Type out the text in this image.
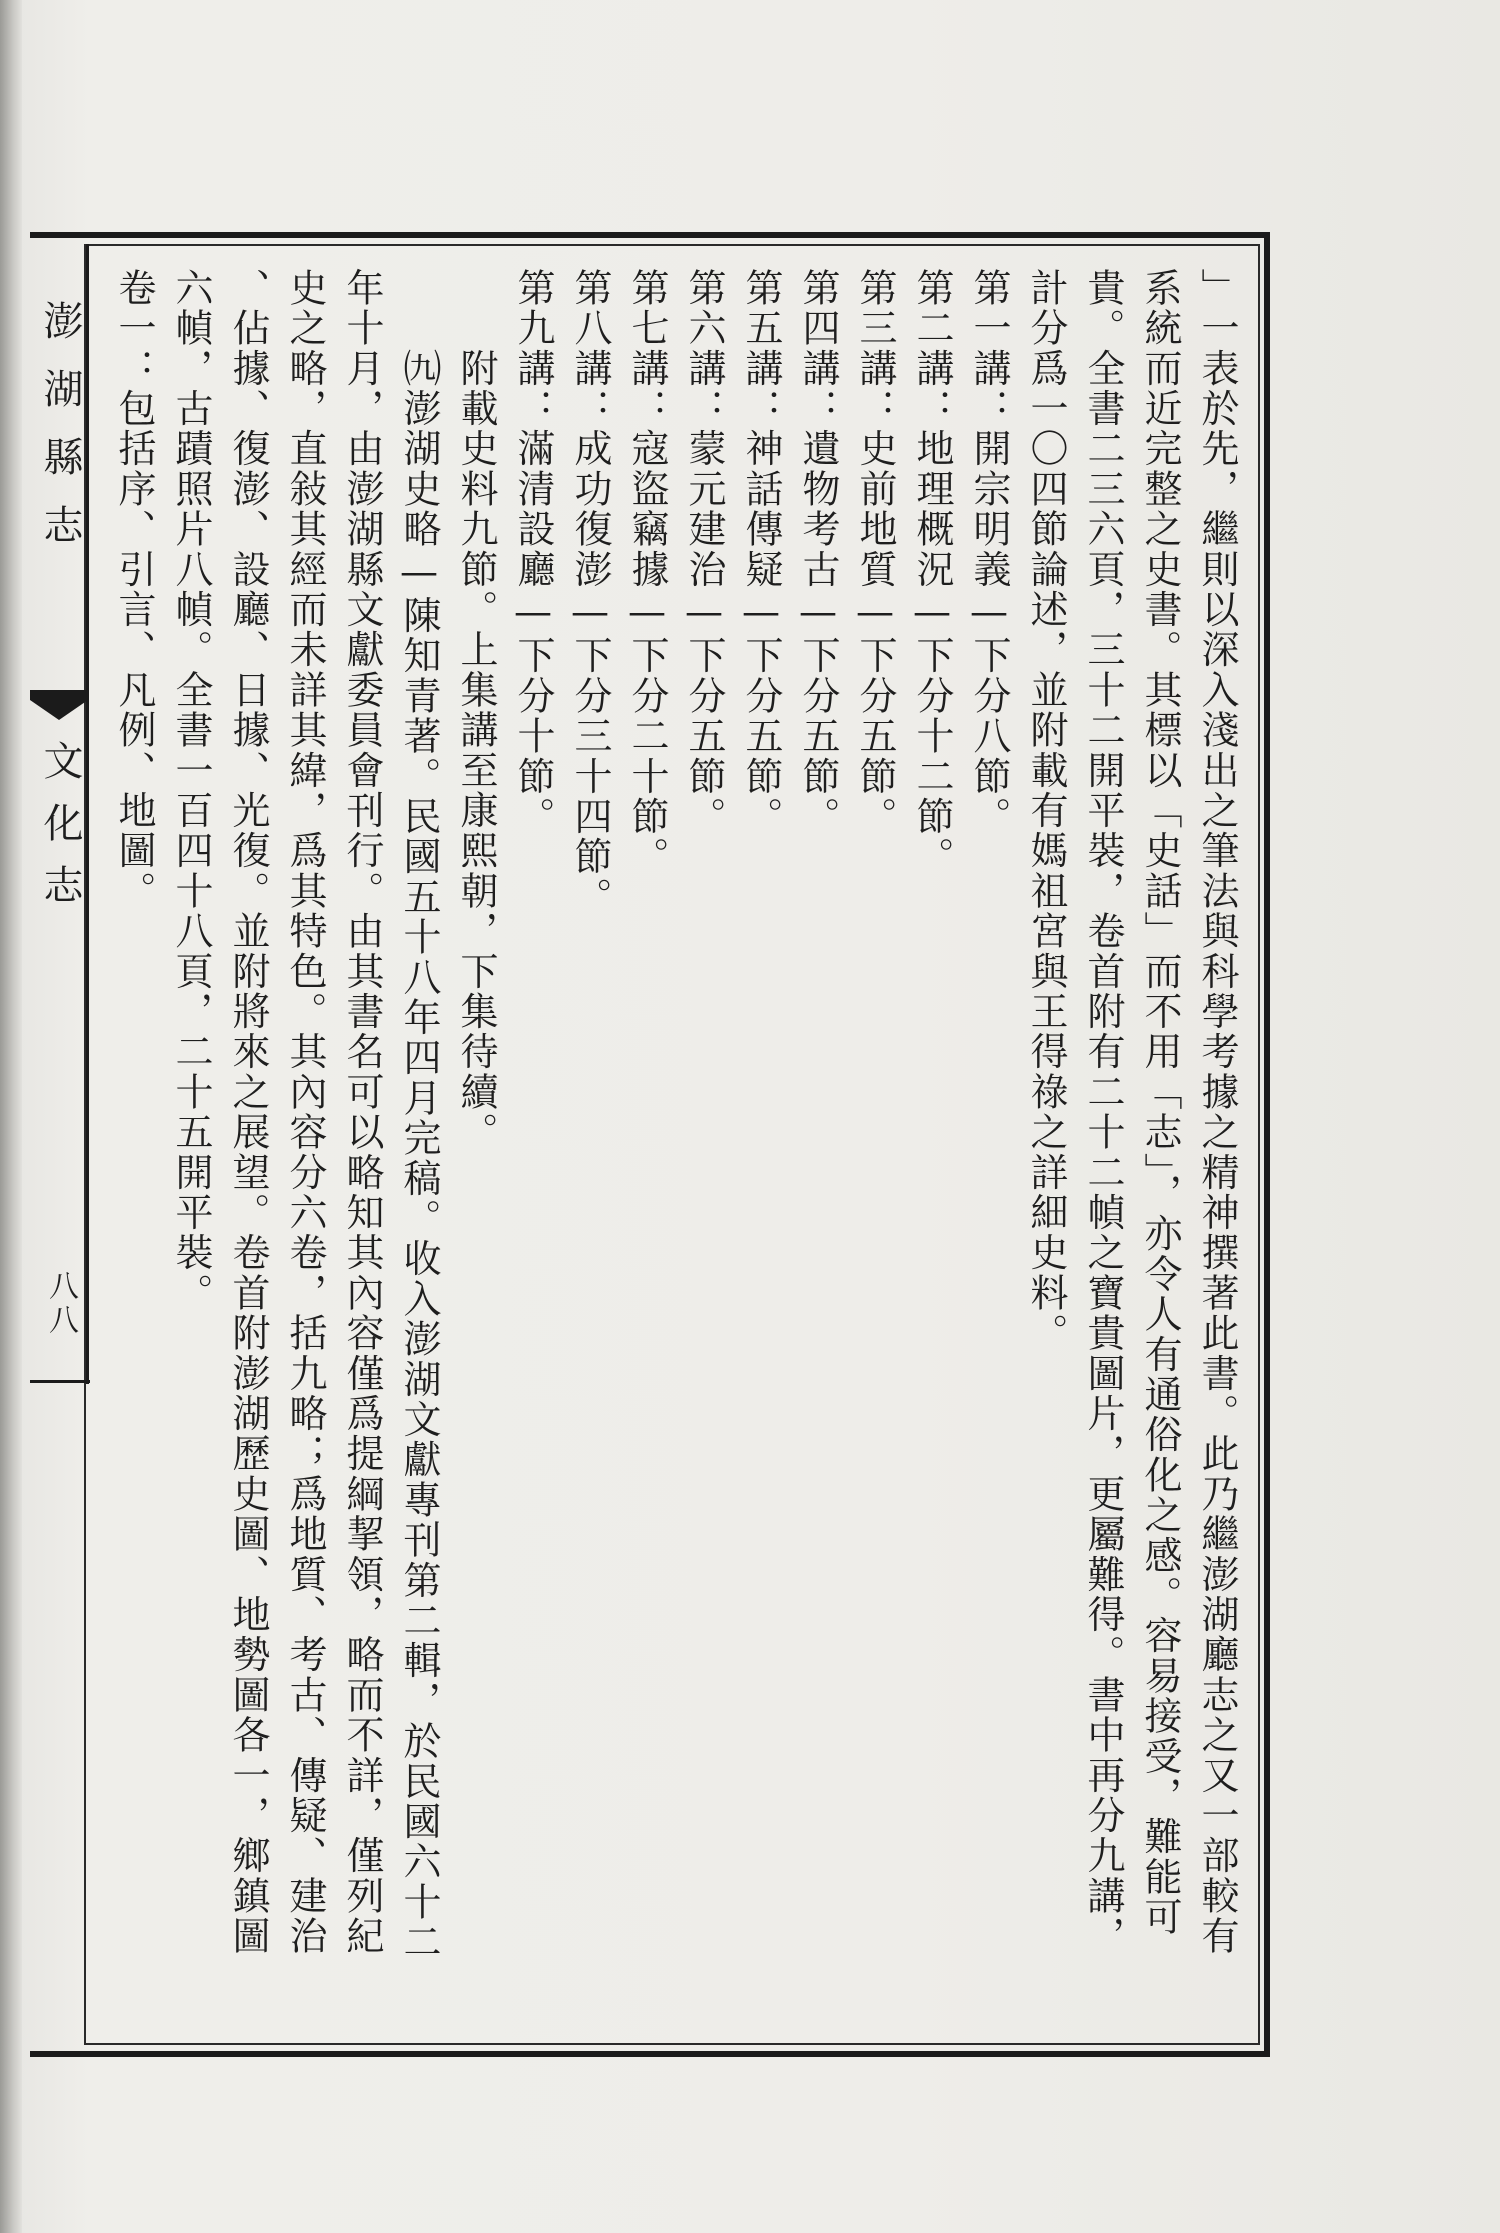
澎湖縣志
文化志
八八	」一表於先，繼則以深入淺出之筆法與科學考據之精神撰著此書。此乃繼澎湖廳志之又一部較有
系統而近完整之史書。其標以「史話」而不用「志」，亦令人有通俗化之感。容易接受，難能可
貴。全書二三六頁，三十二開平裝，卷首附有二十二幀之寶貴圖片，更屬難得。書中再分九講，
計分爲一〇四節論述，並附載有媽祖宮與王得祿之詳細史料。
第一講：開宗明義—下分八節。
第二講：地理概況—下分十二節。
第三講：史前地質—下分五節。
第四講：遺物考古—下分五節。
第五講：神話傳疑—下分五節。
第六講：蒙元建治—下分五節。
第七講：寇盜竊據—下分二十節。
第八講：成功復澎—下分三十四節。
第九講：滿清設廳—下分十節。
　　附載史料九節。上集講至康熙朝，下集待續。
　　㈨澎湖史略—陳知青著。民國五十八年四月完稿。收入澎湖文獻專刊第二輯，於民國六十二
年十月，由澎湖縣文獻委員會刊行。由其書名可以略知其內容僅爲提綱挈領，略而不詳，僅列紀
史之略，直敍其經而未詳其緯，爲其特色。其內容分六卷，括九略；爲地質、考古、傳疑、建治
、佔據、復澎、設廳、日據、光復。並附將來之展望。卷首附澎湖歷史圖、地勢圖各一，鄉鎮圖
六幀，古蹟照片八幀。全書一百四十八頁，二十五開平裝。
卷一：包括序、引言、凡例、地圖。
